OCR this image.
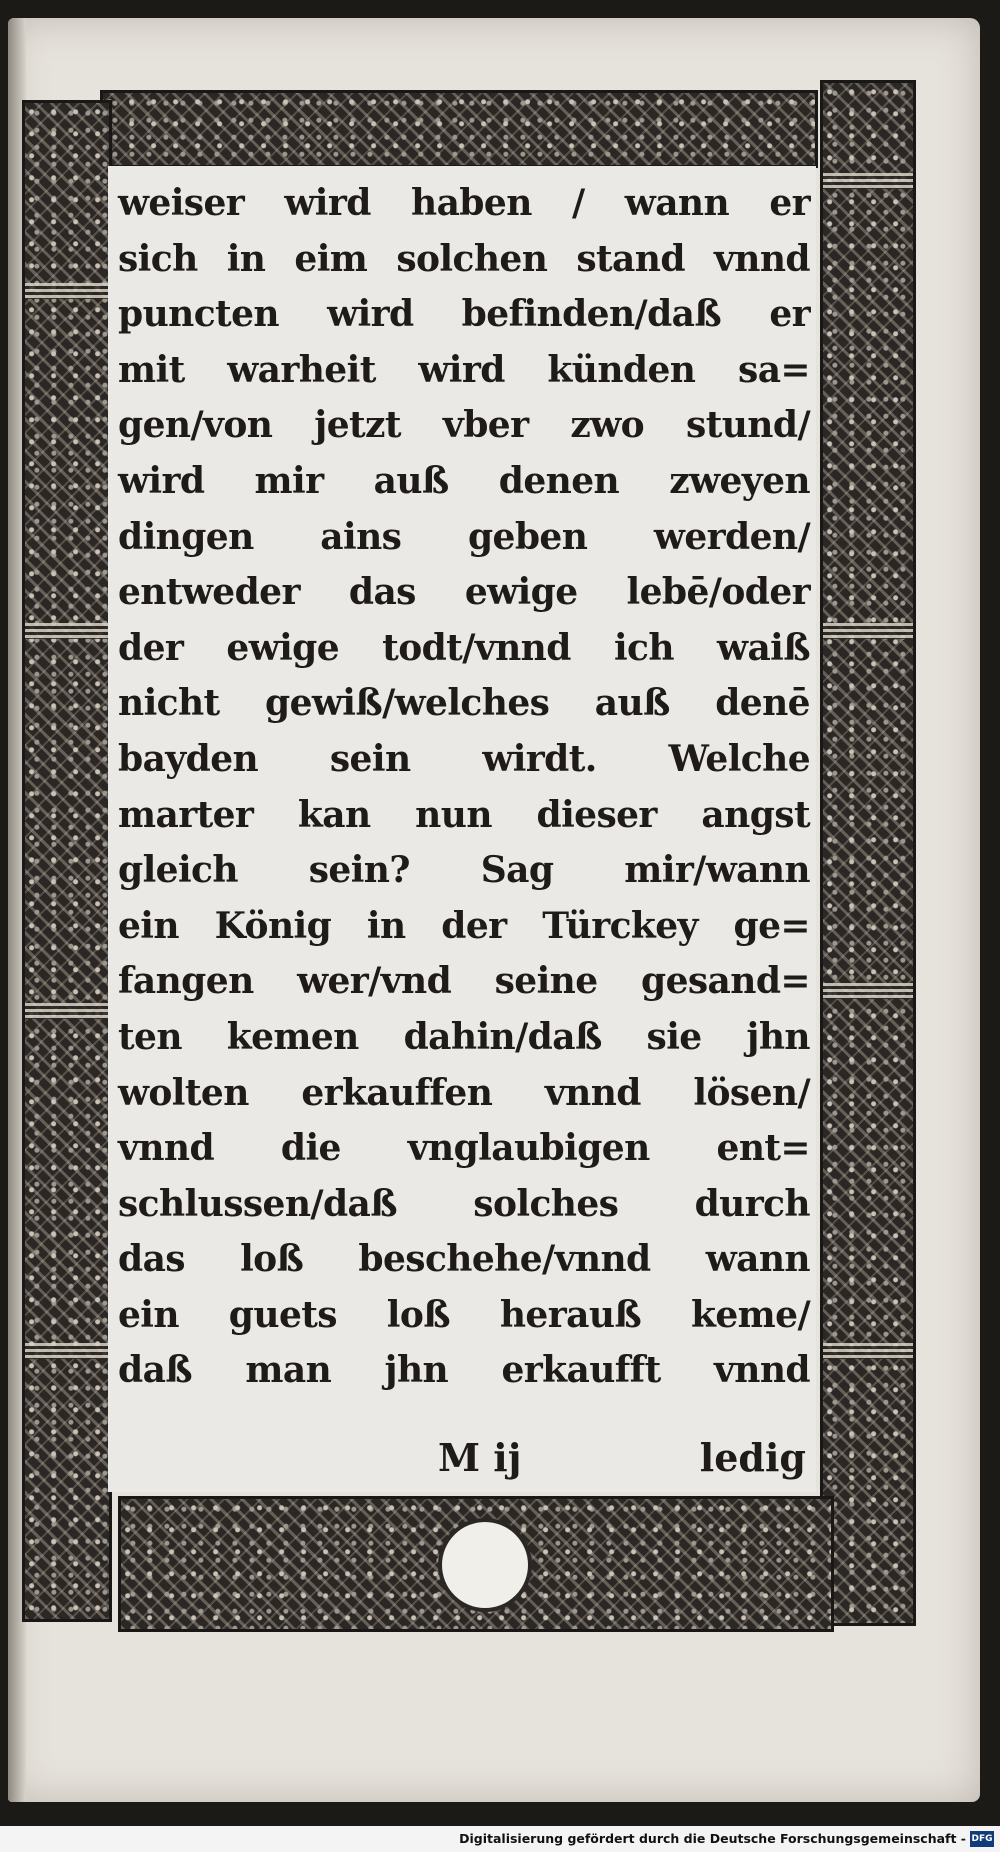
weiser wird haben / wann er
sich in eim solchen stand vnnd
puncten wird befinden/daß er
mit warheit wird künden sa=
gen/von jetzt vber zwo stund/
wird mir auß denen zweyen
dingen ains geben werden/
entweder das ewige lebē/oder
der ewige todt/vnnd ich waiß
nicht gewiß/welches auß denē
bayden sein wirdt. Welche
marter kan nun dieser angst
gleich sein? Sag mir/wann
ein König in der Türckey ge=
fangen wer/vnd seine gesand=
ten kemen dahin/daß sie jhn
wolten erkauffen vnnd lösen/
vnnd die vnglaubigen ent=
schlussen/daß solches durch
das loß beschehe/vnnd wann
ein guets loß herauß keme/
daß man jhn erkaufft vnnd
M ij	ledig
Digitalisierung gefördert durch die Deutsche Forschungsgemeinschaft - DFG
